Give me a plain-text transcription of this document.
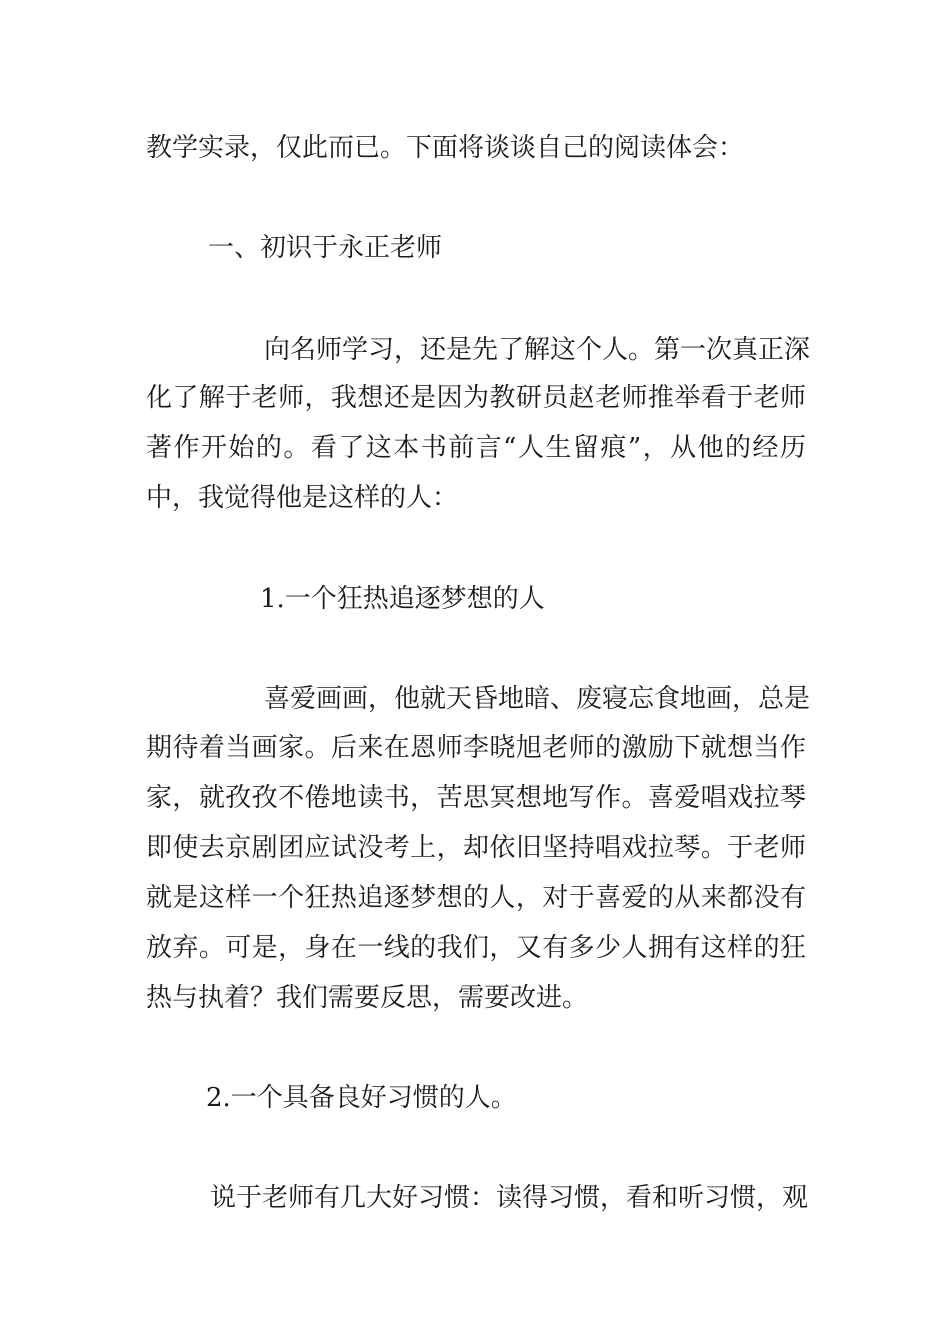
教学实录，仅此而已。下面将谈谈自己的阅读体会：
一、初识于永正老师
向名师学习，还是先了解这个人。第一次真正深
化了解于老师，我想还是因为教研员赵老师推举看于老师
著作开始的。看了这本书前言“人生留痕”，从他的经历
中，我觉得他是这样的人：
1.一个狂热追逐梦想的人
喜爱画画，他就天昏地暗、废寝忘食地画，总是
期待着当画家。后来在恩师李晓旭老师的激励下就想当作
家，就孜孜不倦地读书，苦思冥想地写作。喜爱唱戏拉琴
即使去京剧团应试没考上，却依旧坚持唱戏拉琴。于老师
就是这样一个狂热追逐梦想的人，对于喜爱的从来都没有
放弃。可是，身在一线的我们，又有多少人拥有这样的狂
热与执着？我们需要反思，需要改进。
2.一个具备良好习惯的人。
说于老师有几大好习惯：读得习惯，看和听习惯，观
